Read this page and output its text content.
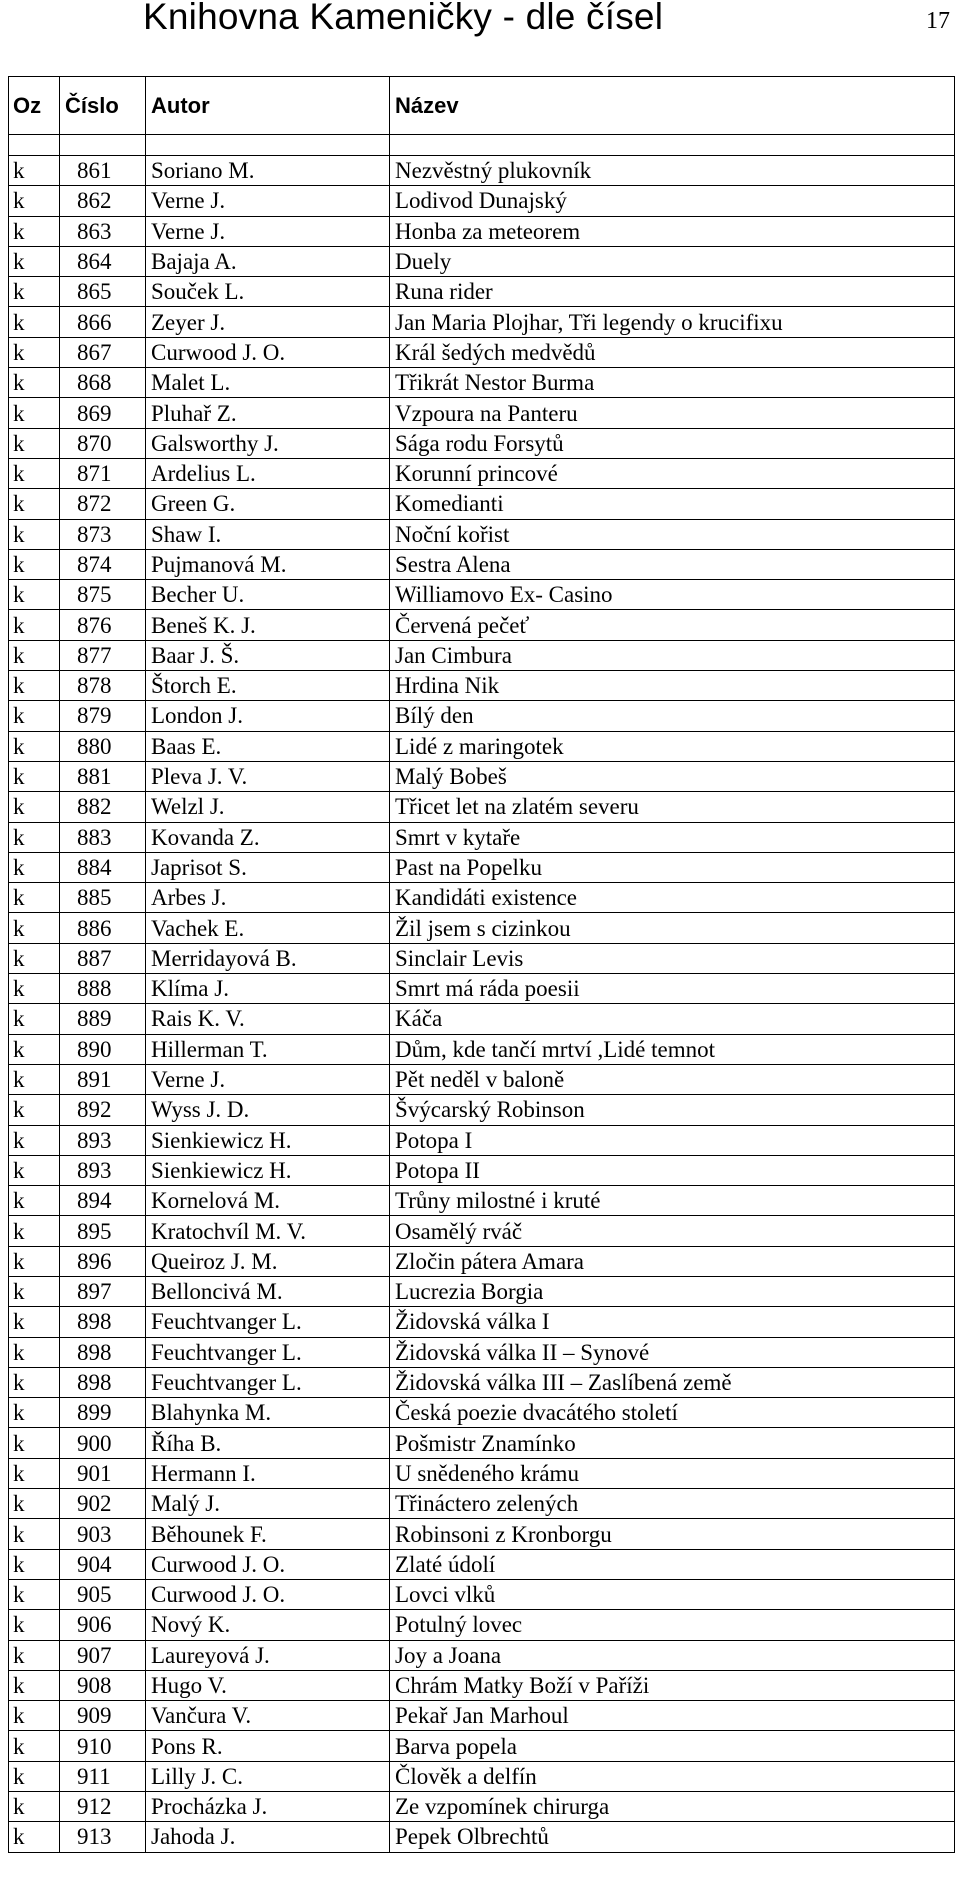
Knihovna Kameničky - dle čísel	17
Oz	Číslo	Autor	Název

k	861	Soriano M.	Nezvěstný plukovník
k	862	Verne J.	Lodivod Dunajský
k	863	Verne J.	Honba za meteorem
k	864	Bajaja A.	Duely
k	865	Souček L.	Runa rider
k	866	Zeyer J.	Jan Maria Plojhar, Tři legendy o krucifixu
k	867	Curwood J. O.	Král šedých medvědů
k	868	Malet L.	Třikrát Nestor Burma
k	869	Pluhař Z.	Vzpoura na Panteru
k	870	Galsworthy J.	Sága rodu Forsytů
k	871	Ardelius L.	Korunní princové
k	872	Green G.	Komedianti
k	873	Shaw I.	Noční kořist
k	874	Pujmanová M.	Sestra Alena
k	875	Becher U.	Williamovo Ex- Casino
k	876	Beneš K. J.	Červená pečeť
k	877	Baar J. Š.	Jan Cimbura
k	878	Štorch E.	Hrdina Nik
k	879	London J.	Bílý den
k	880	Baas E.	Lidé z maringotek
k	881	Pleva J. V.	Malý Bobeš
k	882	Welzl J.	Třicet let na zlatém severu
k	883	Kovanda Z.	Smrt v kytaře
k	884	Japrisot S.	Past na Popelku
k	885	Arbes J.	Kandidáti existence
k	886	Vachek E.	Žil jsem s cizinkou
k	887	Merridayová B.	Sinclair Levis
k	888	Klíma J.	Smrt má ráda poesii
k	889	Rais K. V.	Káča
k	890	Hillerman T.	Dům, kde tančí mrtví ,Lidé temnot
k	891	Verne J.	Pět neděl v baloně
k	892	Wyss J. D.	Švýcarský Robinson
k	893	Sienkiewicz H.	Potopa I
k	893	Sienkiewicz H.	Potopa II
k	894	Kornelová M.	Trůny milostné i kruté
k	895	Kratochvíl M. V.	Osamělý rváč
k	896	Queiroz J. M.	Zločin pátera Amara
k	897	Belloncivá M.	Lucrezia Borgia
k	898	Feuchtvanger L.	Židovská válka I
k	898	Feuchtvanger L.	Židovská válka II – Synové
k	898	Feuchtvanger L.	Židovská válka III – Zaslíbená země
k	899	Blahynka M.	Česká poezie dvacátého století
k	900	Říha B.	Pošmistr Znamínko
k	901	Hermann I.	U snědeného krámu
k	902	Malý J.	Třináctero zelených
k	903	Běhounek F.	Robinsoni z Kronborgu
k	904	Curwood J. O.	Zlaté údolí
k	905	Curwood J. O.	Lovci vlků
k	906	Nový K.	Potulný lovec
k	907	Laureyová J.	Joy a Joana
k	908	Hugo V.	Chrám Matky Boží v Paříži
k	909	Vančura V.	Pekař Jan Marhoul
k	910	Pons R.	Barva popela
k	911	Lilly J. C.	Člověk a delfín
k	912	Procházka J.	Ze vzpomínek chirurga
k	913	Jahoda J.	Pepek Olbrechtů
